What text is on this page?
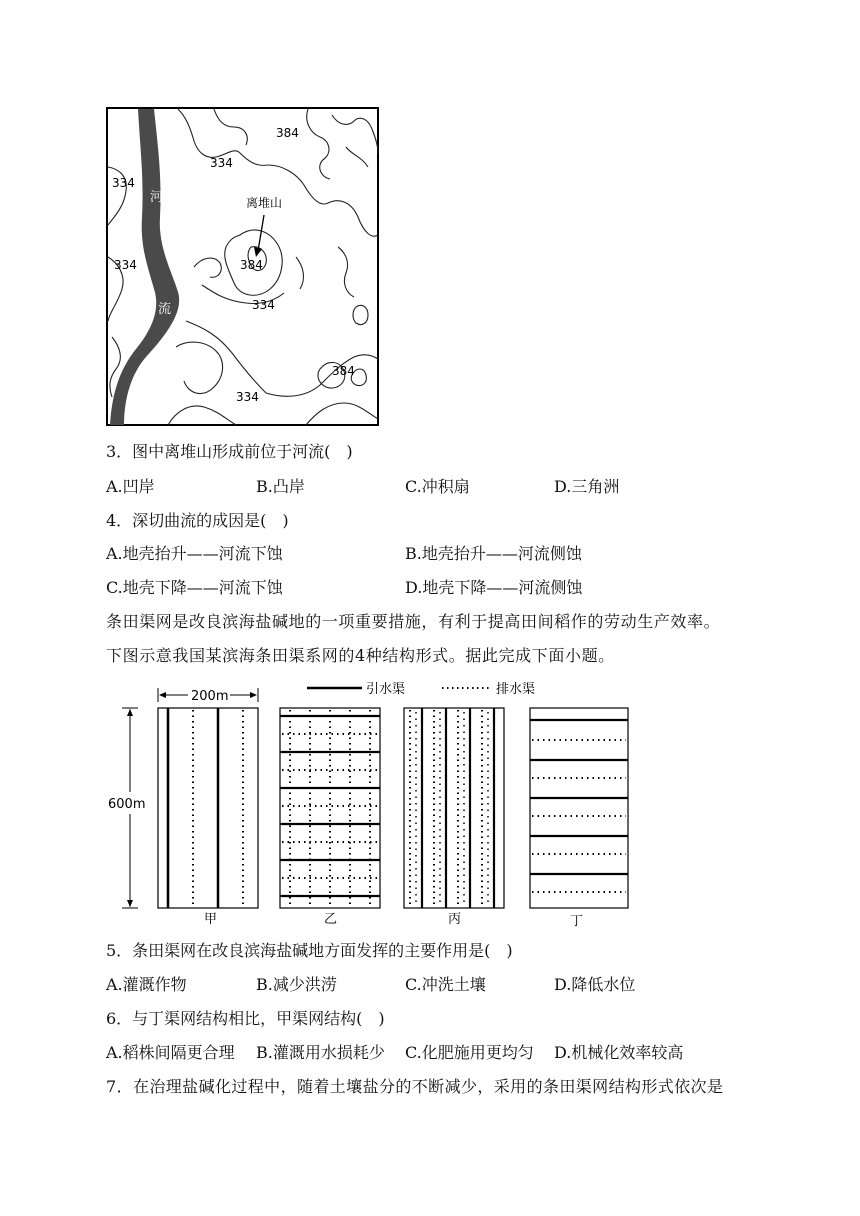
384
334
334
334	384
334
384
334
河
流
离堆山
3．图中离堆山形成前位于河流(　)
A.凹岸	B.凸岸	C.冲积扇	D.三角洲
4．深切曲流的成因是(　)
A.地壳抬升——河流下蚀	B.地壳抬升——河流侧蚀
C.地壳下降——河流下蚀	D.地壳下降——河流侧蚀
条田渠网是改良滨海盐碱地的一项重要措施，有利于提高田间稻作的劳动生产效率。
下图示意我国某滨海条田渠系网的4种结构形式。据此完成下面小题。
引水渠	排水渠
200m
600m
甲	乙	丙	丁
5．条田渠网在改良滨海盐碱地方面发挥的主要作用是(　)
A.灌溉作物	B.减少洪涝	C.冲洗土壤	D.降低水位
6．与丁渠网结构相比，甲渠网结构(　)
A.稻株间隔更合理 B.灌溉用水损耗少 C.化肥施用更均匀 D.机械化效率较高
7．在治理盐碱化过程中，随着土壤盐分的不断减少，采用的条田渠网结构形式依次是
